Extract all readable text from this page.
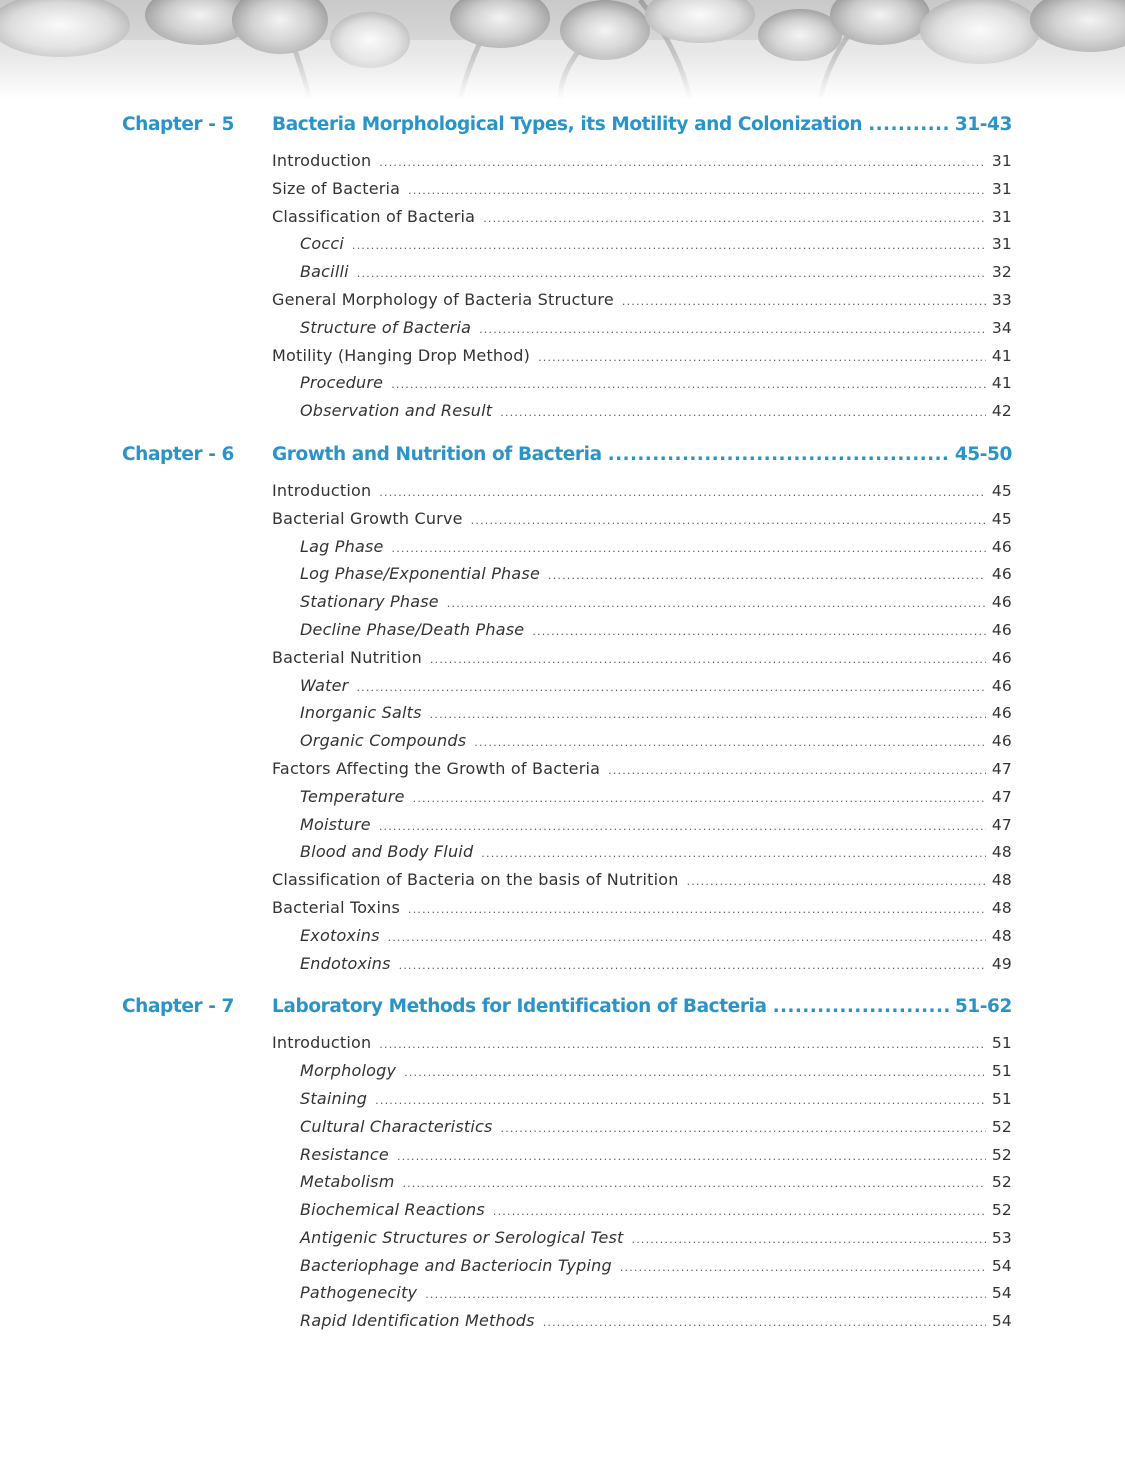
Chapter - 5 Bacteria Morphological Types, its Motility and Colonization .....	31-43
Introduction .....	31
Size of Bacteria .....	31
Classification of Bacteria .....	31
Cocci .....	31
Bacilli .....	32
General Morphology of Bacteria Structure .....	33
Structure of Bacteria .....	34
Motility (Hanging Drop Method) .....	41
Procedure .....	41
Observation and Result .....	42
Chapter - 6 Growth and Nutrition of Bacteria .....	45-50
Introduction .....	45
Bacterial Growth Curve .....	45
Lag Phase .....	46
Log Phase/Exponential Phase .....	46
Stationary Phase .....	46
Decline Phase/Death Phase .....	46
Bacterial Nutrition .....	46
Water .....	46
Inorganic Salts .....	46
Organic Compounds .....	46
Factors Affecting the Growth of Bacteria .....	47
Temperature .....	47
Moisture .....	47
Blood and Body Fluid .....	48
Classification of Bacteria on the basis of Nutrition .....	48
Bacterial Toxins .....	48
Exotoxins .....	48
Endotoxins .....	49
Chapter - 7 Laboratory Methods for Identification of Bacteria .....	51-62
Introduction .....	51
Morphology .....	51
Staining .....	51
Cultural Characteristics .....	52
Resistance .....	52
Metabolism .....	52
Biochemical Reactions .....	52
Antigenic Structures or Serological Test .....	53
Bacteriophage and Bacteriocin Typing .....	54
Pathogenecity .....	54
Rapid Identification Methods .....	54
